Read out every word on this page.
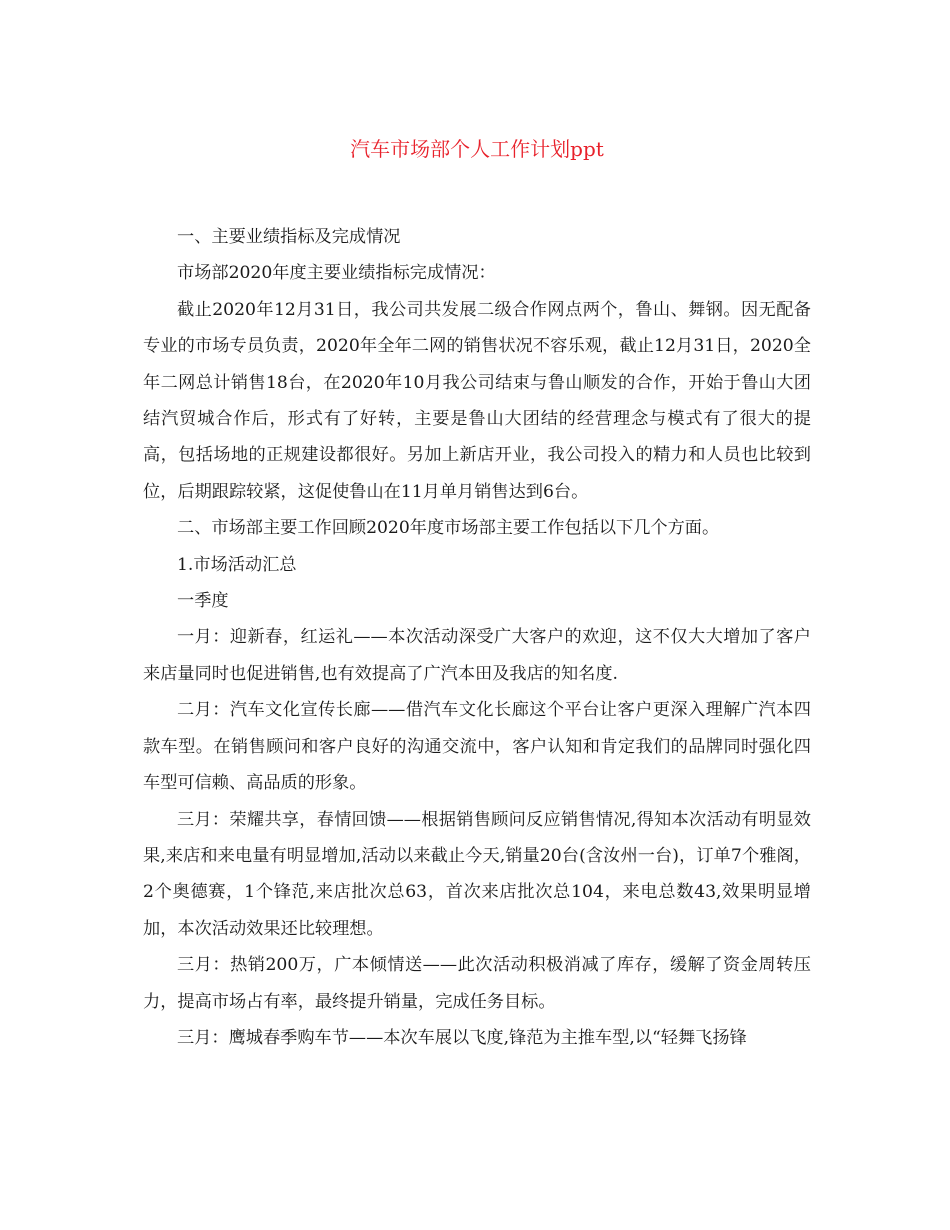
汽车市场部个人工作计划ppt

一、主要业绩指标及完成情况

市场部2020年度主要业绩指标完成情况：

截止2020年12月31日，我公司共发展二级合作网点两个，鲁山、舞钢。因无配备专业的市场专员负责，2020年全年二网的销售状况不容乐观，截止12月31日，2020全年二网总计销售18台，在2020年10月我公司结束与鲁山顺发的合作，开始于鲁山大团结汽贸城合作后，形式有了好转，主要是鲁山大团结的经营理念与模式有了很大的提高，包括场地的正规建设都很好。另加上新店开业，我公司投入的精力和人员也比较到位，后期跟踪较紧，这促使鲁山在11月单月销售达到6台。

二、市场部主要工作回顾2020年度市场部主要工作包括以下几个方面。

1.市场活动汇总

一季度

一月：迎新春，红运礼——本次活动深受广大客户的欢迎，这不仅大大增加了客户来店量同时也促进销售,也有效提高了广汽本田及我店的知名度.

二月：汽车文化宣传长廊——借汽车文化长廊这个平台让客户更深入理解广汽本四款车型。在销售顾问和客户良好的沟通交流中，客户认知和肯定我们的品牌同时强化四车型可信赖、高品质的形象。

三月：荣耀共享，春情回馈——根据销售顾问反应销售情况,得知本次活动有明显效果,来店和来电量有明显增加,活动以来截止今天,销量20台(含汝州一台)，订单7个雅阁，2个奥德赛，1个锋范,来店批次总63，首次来店批次总104，来电总数43,效果明显增加，本次活动效果还比较理想。

三月：热销200万，广本倾情送——此次活动积极消减了库存，缓解了资金周转压力，提高市场占有率，最终提升销量，完成任务目标。

三月：鹰城春季购车节——本次车展以飞度,锋范为主推车型,以“轻舞飞扬锋
